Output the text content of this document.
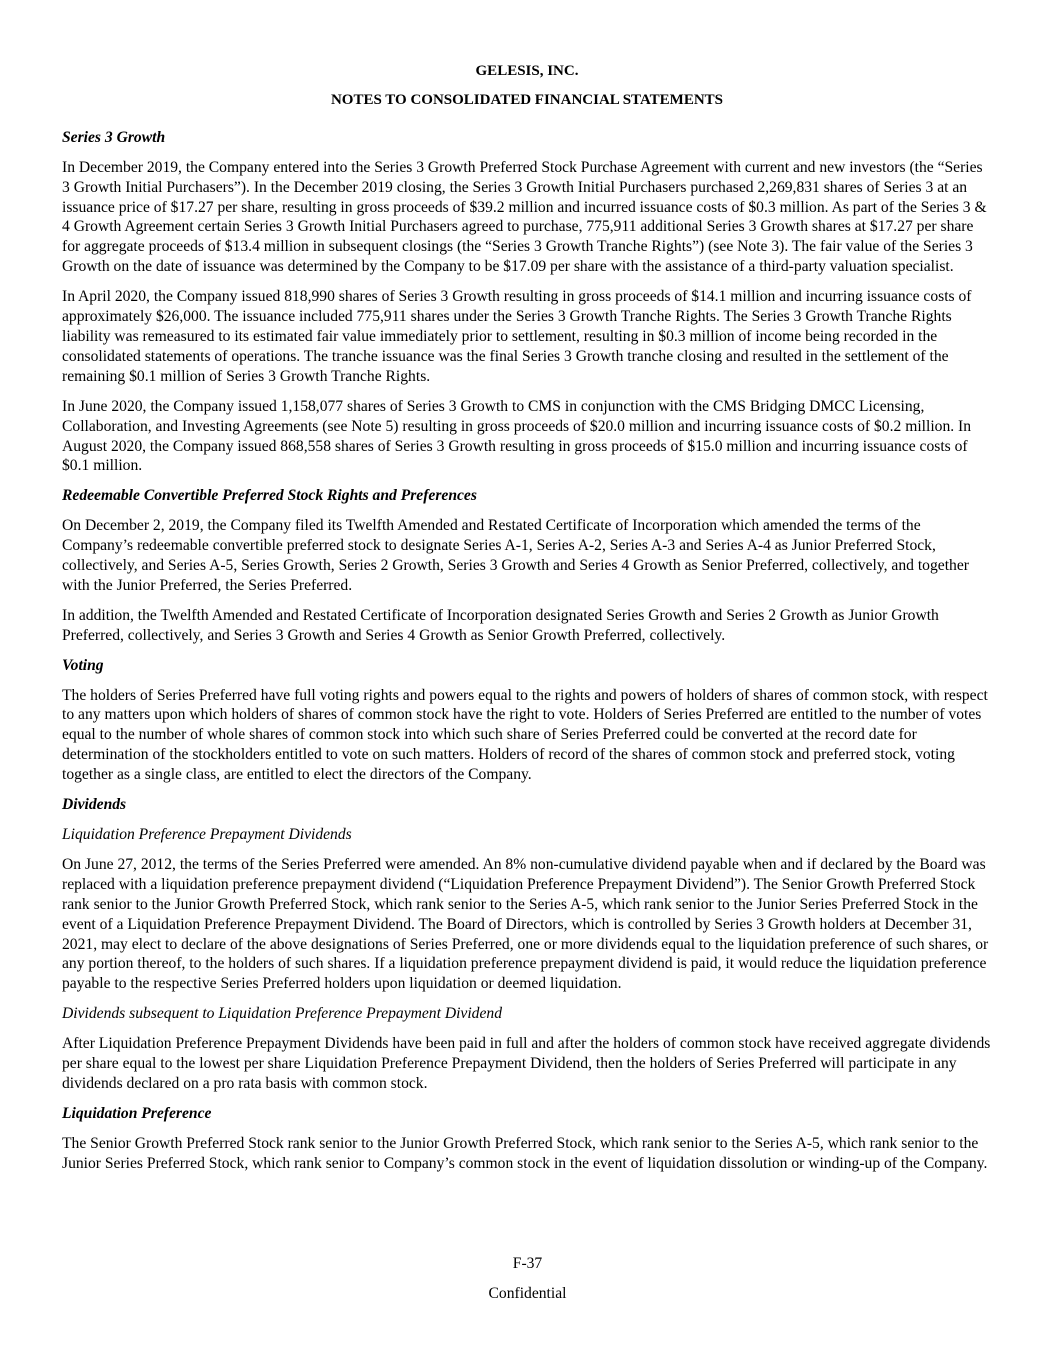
GELESIS, INC.
NOTES TO CONSOLIDATED FINANCIAL STATEMENTS
Series 3 Growth

In December 2019, the Company entered into the Series 3 Growth Preferred Stock Purchase Agreement with current and new investors (the “Series 3 Growth Initial Purchasers”). In the December 2019 closing, the Series 3 Growth Initial Purchasers purchased 2,269,831 shares of Series 3 at an issuance price of $17.27 per share, resulting in gross proceeds of $39.2 million and incurred issuance costs of $0.3 million. As part of the Series 3 & 4 Growth Agreement certain Series 3 Growth Initial Purchasers agreed to purchase, 775,911 additional Series 3 Growth shares at $17.27 per share for aggregate proceeds of $13.4 million in subsequent closings (the “Series 3 Growth Tranche Rights”) (see Note 3). The fair value of the Series 3 Growth on the date of issuance was determined by the Company to be $17.09 per share with the assistance of a third-party valuation specialist.

In April 2020, the Company issued 818,990 shares of Series 3 Growth resulting in gross proceeds of $14.1 million and incurring issuance costs of approximately $26,000. The issuance included 775,911 shares under the Series 3 Growth Tranche Rights. The Series 3 Growth Tranche Rights liability was remeasured to its estimated fair value immediately prior to settlement, resulting in $0.3 million of income being recorded in the consolidated statements of operations. The tranche issuance was the final Series 3 Growth tranche closing and resulted in the settlement of the remaining $0.1 million of Series 3 Growth Tranche Rights.

In June 2020, the Company issued 1,158,077 shares of Series 3 Growth to CMS in conjunction with the CMS Bridging DMCC Licensing, Collaboration, and Investing Agreements (see Note 5) resulting in gross proceeds of $20.0 million and incurring issuance costs of $0.2 million. In August 2020, the Company issued 868,558 shares of Series 3 Growth resulting in gross proceeds of $15.0 million and incurring issuance costs of $0.1 million.

Redeemable Convertible Preferred Stock Rights and Preferences

On December 2, 2019, the Company filed its Twelfth Amended and Restated Certificate of Incorporation which amended the terms of the Company’s redeemable convertible preferred stock to designate Series A-1, Series A-2, Series A-3 and Series A-4 as Junior Preferred Stock, collectively, and Series A-5, Series Growth, Series 2 Growth, Series 3 Growth and Series 4 Growth as Senior Preferred, collectively, and together with the Junior Preferred, the Series Preferred.

In addition, the Twelfth Amended and Restated Certificate of Incorporation designated Series Growth and Series 2 Growth as Junior Growth Preferred, collectively, and Series 3 Growth and Series 4 Growth as Senior Growth Preferred, collectively.

Voting

The holders of Series Preferred have full voting rights and powers equal to the rights and powers of holders of shares of common stock, with respect to any matters upon which holders of shares of common stock have the right to vote. Holders of Series Preferred are entitled to the number of votes equal to the number of whole shares of common stock into which such share of Series Preferred could be converted at the record date for determination of the stockholders entitled to vote on such matters. Holders of record of the shares of common stock and preferred stock, voting together as a single class, are entitled to elect the directors of the Company.

Dividends
Liquidation Preference Prepayment Dividends

On June 27, 2012, the terms of the Series Preferred were amended. An 8% non-cumulative dividend payable when and if declared by the Board was replaced with a liquidation preference prepayment dividend (“Liquidation Preference Prepayment Dividend”). The Senior Growth Preferred Stock rank senior to the Junior Growth Preferred Stock, which rank senior to the Series A-5, which rank senior to the Junior Series Preferred Stock in the event of a Liquidation Preference Prepayment Dividend. The Board of Directors, which is controlled by Series 3 Growth holders at December 31, 2021, may elect to declare of the above designations of Series Preferred, one or more dividends equal to the liquidation preference of such shares, or any portion thereof, to the holders of such shares. If a liquidation preference prepayment dividend is paid, it would reduce the liquidation preference payable to the respective Series Preferred holders upon liquidation or deemed liquidation.

Dividends subsequent to Liquidation Preference Prepayment Dividend

After Liquidation Preference Prepayment Dividends have been paid in full and after the holders of common stock have received aggregate dividends per share equal to the lowest per share Liquidation Preference Prepayment Dividend, then the holders of Series Preferred will participate in any dividends declared on a pro rata basis with common stock.

Liquidation Preference

The Senior Growth Preferred Stock rank senior to the Junior Growth Preferred Stock, which rank senior to the Series A-5, which rank senior to the Junior Series Preferred Stock, which rank senior to Company’s common stock in the event of liquidation dissolution or winding-up of the Company.

F-37
Confidential
